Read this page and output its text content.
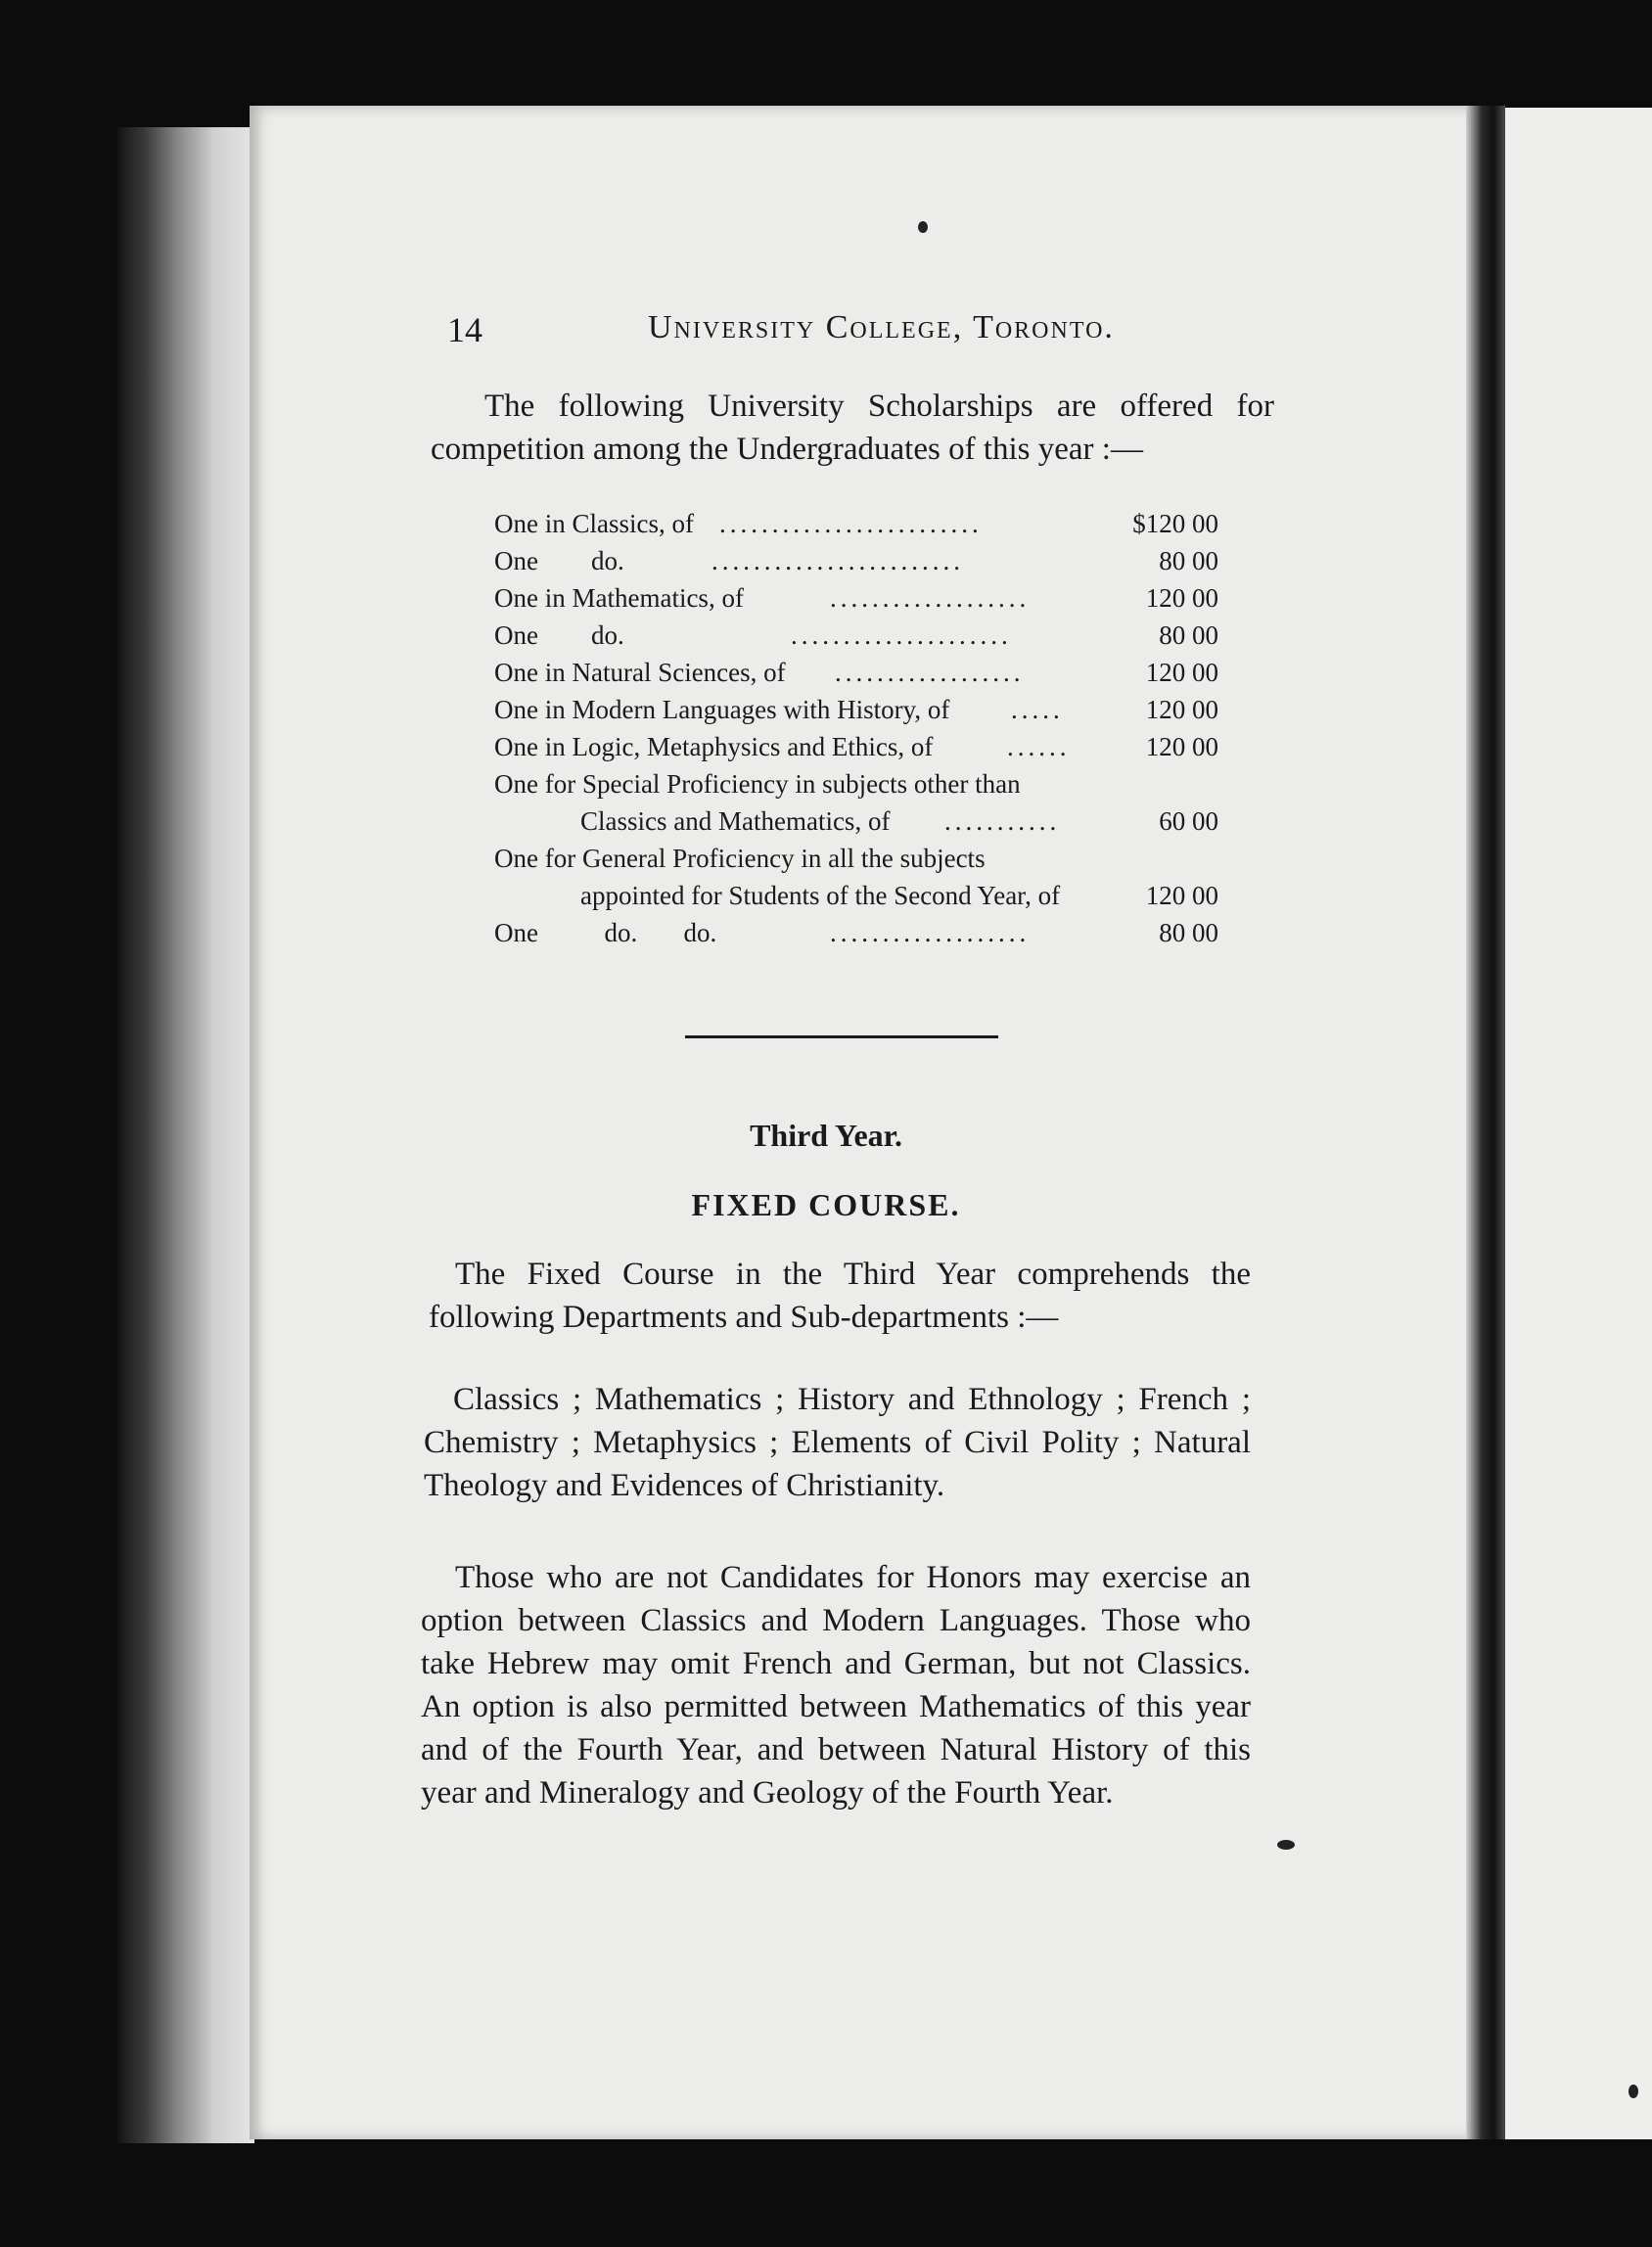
14	University College, Toronto.

The following University Scholarships are offered for competition among the Undergraduates of this year :—

One in Classics, of .........................	$120 00
One        do.	........................	80 00
One in Mathematics, of	...................	120 00
One        do.	.....................	80 00
One in Natural Sciences, of ..................	120 00
One in Modern Languages with History, of .....	120 00
One in Logic, Metaphysics and Ethics, of	......	120 00
One for Special Proficiency in subjects other than
Classics and Mathematics, of ...........	60 00
One for General Proficiency in all the subjects
appointed for Students of the Second Year, of	120 00
One          do.       do.	...................	80 00
Third Year.
FIXED COURSE.

The Fixed Course in the Third Year comprehends the following Departments and Sub-departments :—

Classics ; Mathematics ; History and Ethnology ; French ; Chemistry ; Metaphysics ; Elements of Civil Polity ; Natural Theology and Evidences of Christianity.

Those who are not Candidates for Honors may exercise an option between Classics and Modern Languages. Those who take Hebrew may omit French and German, but not Classics. An option is also permitted between Mathematics of this year and of the Fourth Year, and between Natural History of this year and Mineralogy and Geology of the Fourth Year.
